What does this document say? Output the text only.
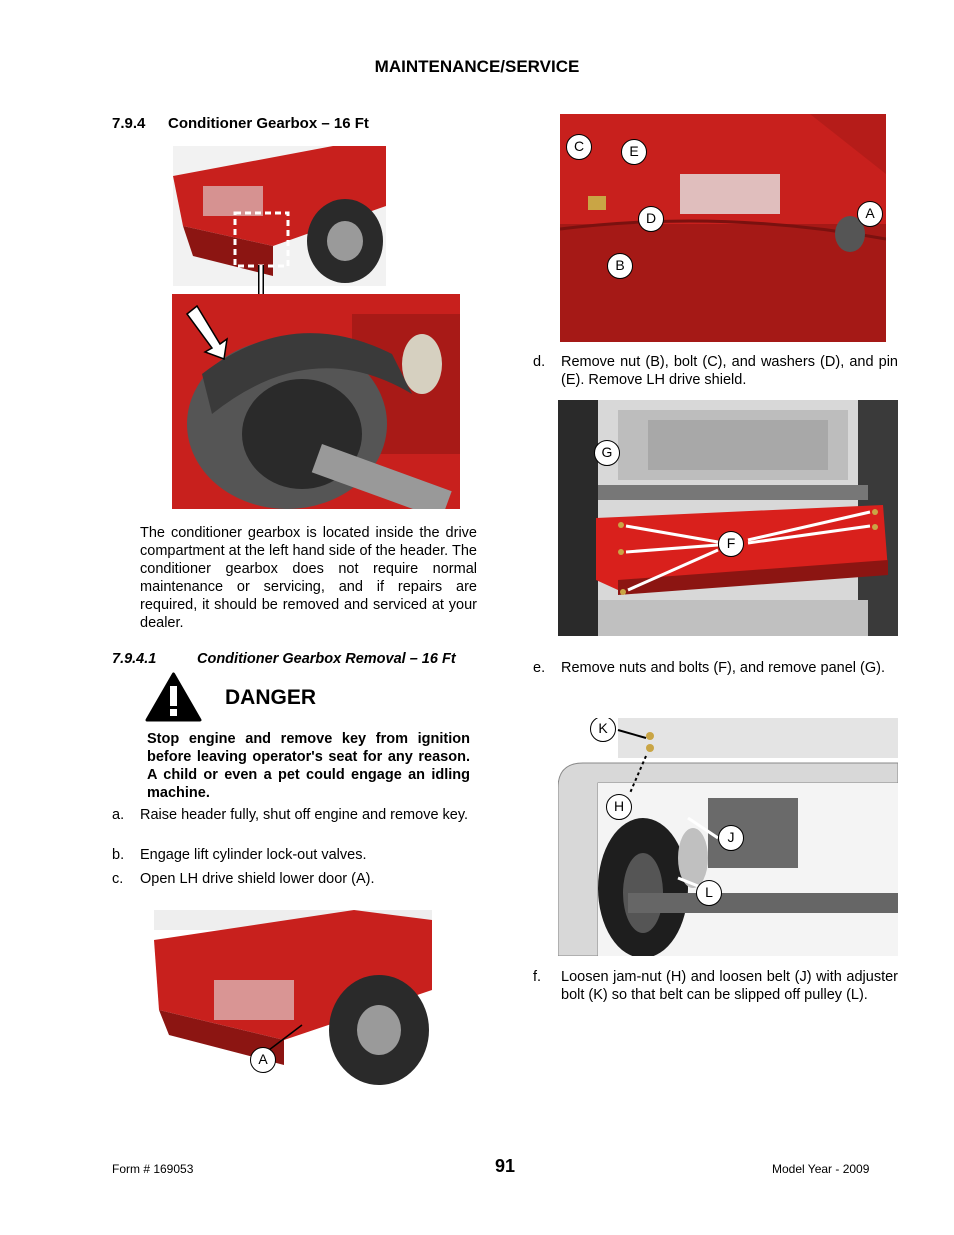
MAINTENANCE/SERVICE
7.9.4 Conditioner Gearbox – 16 Ft
The conditioner gearbox is located inside the drive compartment at the left hand side of the header. The conditioner gearbox does not require normal maintenance or servicing, and if repairs are required, it should be removed and serviced at your dealer.
7.9.4.1	Conditioner Gearbox Removal – 16 Ft
DANGER
Stop engine and remove key from ignition before leaving operator's seat for any reason. A child or even a pet could engage an idling machine.
a. Raise header fully, shut off engine and remove key.
b. Engage lift cylinder lock-out valves.
c. Open LH drive shield lower door (A).
A
C	E
D	A
B
d. Remove nut (B), bolt (C), and washers (D), and pin (E). Remove LH drive shield.
G
F
e. Remove nuts and bolts (F), and remove panel (G).
K
H
J
L
f. Loosen jam-nut (H) and loosen belt (J) with adjuster bolt (K) so that belt can be slipped off pulley (L).
Form # 169053	91	Model Year - 2009
